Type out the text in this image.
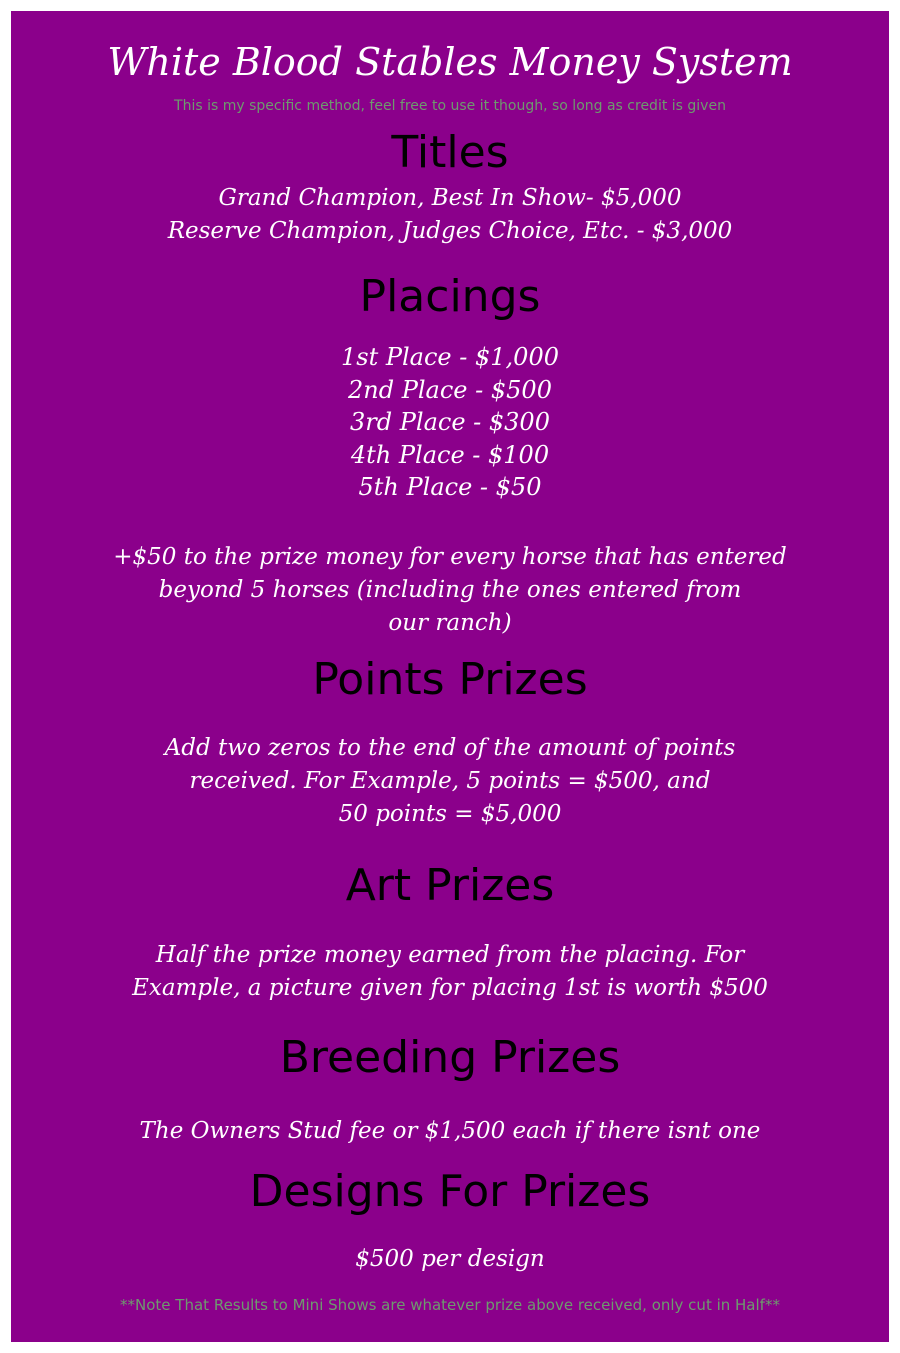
White Blood Stables Money System
This is my specific method, feel free to use it though, so long as credit is given
Titles
Grand Champion, Best In Show- $5,000
Reserve Champion, Judges Choice, Etc. - $3,000
Placings
1st Place - $1,000
2nd Place - $500
3rd Place - $300
4th Place - $100
5th Place - $50
+$50 to the prize money for every horse that has entered
beyond 5 horses (including the ones entered from
our ranch)
Points Prizes
Add two zeros to the end of the amount of points
received. For Example, 5 points = $500, and
50 points = $5,000
Art Prizes
Half the prize money earned from the placing. For
Example, a picture given for placing 1st is worth $500
Breeding Prizes
The Owners Stud fee or $1,500 each if there isnt one
Designs For Prizes
$500 per design
**Note That Results to Mini Shows are whatever prize above received, only cut in Half**
